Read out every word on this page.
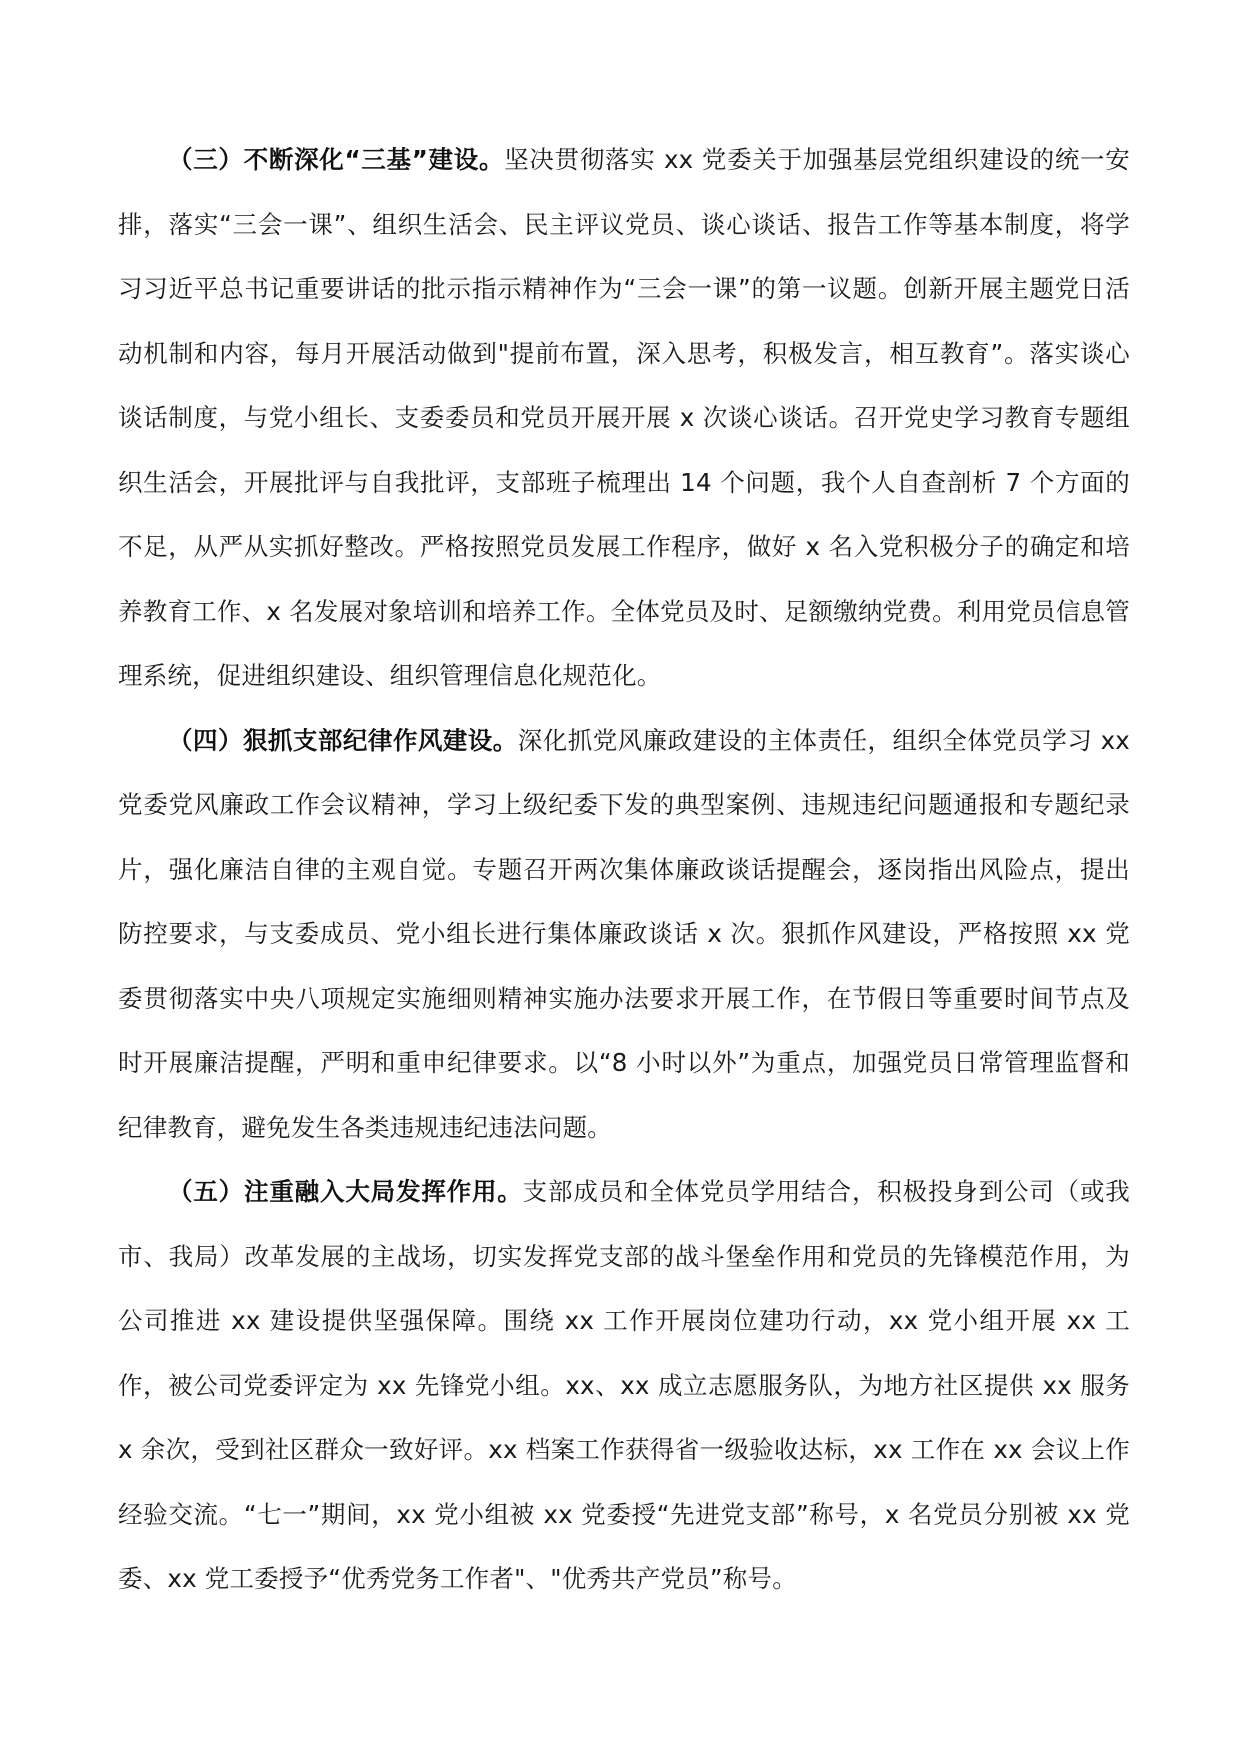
（三）不断深化“三基”建设。坚决贯彻落实 xx 党委关于加强基层党组织建设的统一安排，落实“三会一课”、组织生活会、民主评议党员、谈心谈话、报告工作等基本制度，将学习习近平总书记重要讲话的批示指示精神作为“三会一课”的第一议题。创新开展主题党日活动机制和内容，每月开展活动做到"提前布置，深入思考，积极发言，相互教育”。落实谈心谈话制度，与党小组长、支委委员和党员开展开展 x 次谈心谈话。召开党史学习教育专题组织生活会，开展批评与自我批评，支部班子梳理出 14 个问题，我个人自查剖析 7 个方面的不足，从严从实抓好整改。严格按照党员发展工作程序，做好 x 名入党积极分子的确定和培养教育工作、x 名发展对象培训和培养工作。全体党员及时、足额缴纳党费。利用党员信息管理系统，促进组织建设、组织管理信息化规范化。

（四）狠抓支部纪律作风建设。深化抓党风廉政建设的主体责任，组织全体党员学习 xx 党委党风廉政工作会议精神，学习上级纪委下发的典型案例、违规违纪问题通报和专题纪录片，强化廉洁自律的主观自觉。专题召开两次集体廉政谈话提醒会，逐岗指出风险点，提出防控要求，与支委成员、党小组长进行集体廉政谈话 x 次。狠抓作风建设，严格按照 xx 党委贯彻落实中央八项规定实施细则精神实施办法要求开展工作，在节假日等重要时间节点及时开展廉洁提醒，严明和重申纪律要求。以“8 小时以外”为重点，加强党员日常管理监督和纪律教育，避免发生各类违规违纪违法问题。

（五）注重融入大局发挥作用。支部成员和全体党员学用结合，积极投身到公司（或我市、我局）改革发展的主战场，切实发挥党支部的战斗堡垒作用和党员的先锋模范作用，为公司推进 xx 建设提供坚强保障。围绕 xx 工作开展岗位建功行动，xx 党小组开展 xx 工作，被公司党委评定为 xx 先锋党小组。xx、xx 成立志愿服务队，为地方社区提供 xx 服务 x 余次，受到社区群众一致好评。xx 档案工作获得省一级验收达标，xx 工作在 xx 会议上作经验交流。“七一”期间，xx 党小组被 xx 党委授“先进党支部”称号，x 名党员分别被 xx 党委、xx 党工委授予“优秀党务工作者"、"优秀共产党员”称号。
